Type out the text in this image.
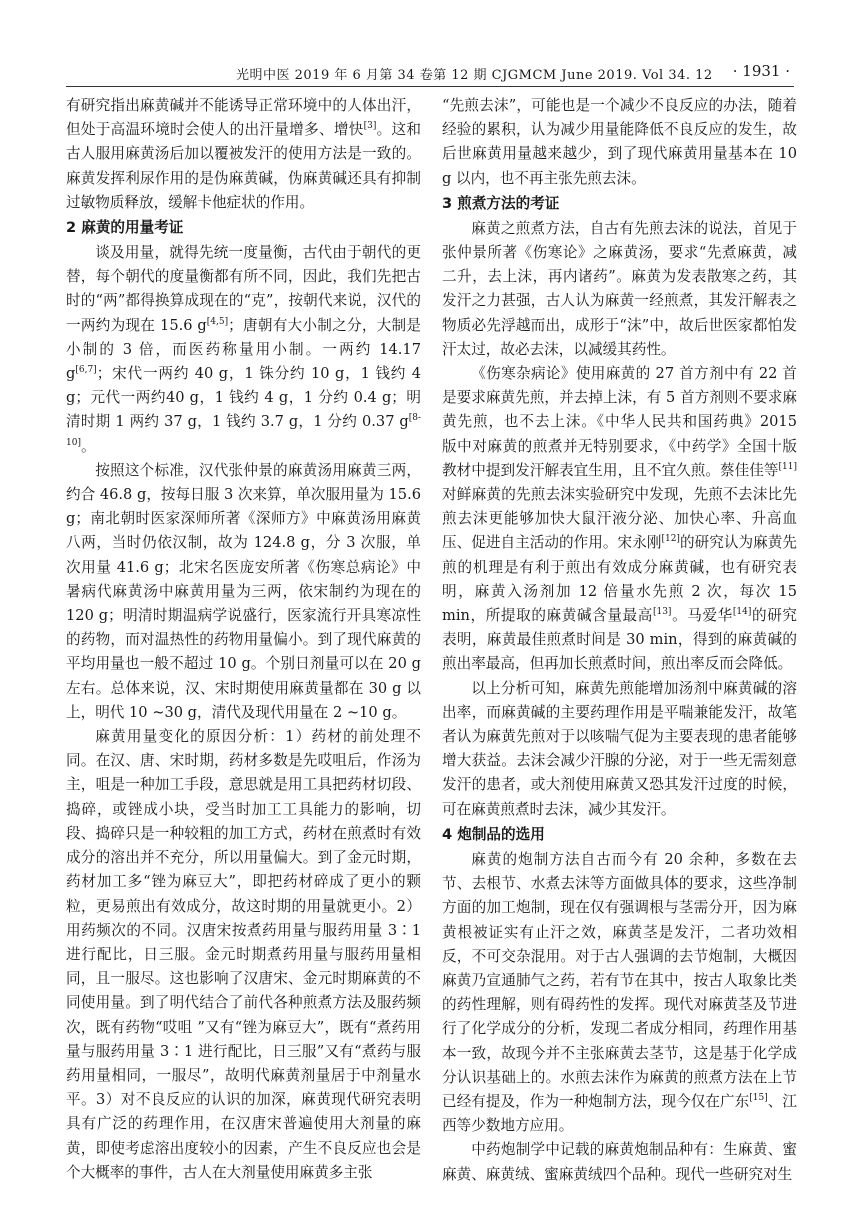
光明中医 2019 年 6 月第 34 卷第 12 期 CJGMCM June 2019. Vol 34. 12 · 1931 ·

有研究指出麻黄碱并不能诱导正常环境中的人体出汗，但处于高温环境时会使人的出汗量增多、增快[3]。这和古人服用麻黄汤后加以覆被发汗的使用方法是一致的。麻黄发挥利尿作用的是伪麻黄碱，伪麻黄碱还具有抑制过敏物质释放，缓解卡他症状的作用。

2 麻黄的用量考证

谈及用量，就得先统一度量衡，古代由于朝代的更替，每个朝代的度量衡都有所不同，因此，我们先把古时的“两”都得换算成现在的“克”，按朝代来说，汉代的一两约为现在 15.6 g[4,5]；唐朝有大小制之分，大制是小制的 3 倍，而医药称量用小制。一两约 14.17 g[6,7]；宋代一两约 40 g，1 铢分约 10 g，1 钱约 4 g；元代一两约40 g，1 钱约 4 g，1 分约 0.4 g；明清时期 1 两约 37 g，1 钱约 3.7 g，1 分约 0.37 g[8-10]。

按照这个标准，汉代张仲景的麻黄汤用麻黄三两，约合 46.8 g，按每日服 3 次来算，单次服用量为 15.6 g；南北朝时医家深师所著《深师方》中麻黄汤用麻黄八两，当时仍依汉制，故为 124.8 g，分 3 次服，单次用量 41.6 g；北宋名医庞安所著《伤寒总病论》中暑病代麻黄汤中麻黄用量为三两，依宋制约为现在的 120 g；明清时期温病学说盛行，医家流行开具寒凉性的药物，而对温热性的药物用量偏小。到了现代麻黄的平均用量也一般不超过 10 g。个别日剂量可以在 20 g 左右。总体来说，汉、宋时期使用麻黄量都在 30 g 以上，明代 10 ~30 g，清代及现代用量在 2 ~10 g。

麻黄用量变化的原因分析：1）药材的前处理不同。在汉、唐、宋时期，药材多数是先哎咀后，作汤为主，咀是一种加工手段，意思就是用工具把药材切段、捣碎，或锉成小块，受当时加工工具能力的影响，切段、捣碎只是一种较粗的加工方式，药材在煎煮时有效成分的溶出并不充分，所以用量偏大。到了金元时期，药材加工多“锉为麻豆大”，即把药材碎成了更小的颗粒，更易煎出有效成分，故这时期的用量就更小。2）用药频次的不同。汉唐宋按煮药用量与服药用量 3∶1 进行配比，日三服。金元时期煮药用量与服药用量相同，且一服尽。这也影响了汉唐宋、金元时期麻黄的不同使用量。到了明代结合了前代各种煎煮方法及服药频次，既有药物“哎咀 ”又有“锉为麻豆大”，既有“煮药用量与服药用量 3∶1 进行配比，日三服”又有“煮药与服药用量相同，一服尽”，故明代麻黄剂量居于中剂量水平。3）对不良反应的认识的加深，麻黄现代研究表明具有广泛的药理作用，在汉唐宋普遍使用大剂量的麻黄，即使考虑溶出度较小的因素，产生不良反应也会是个大概率的事件，古人在大剂量使用麻黄多主张

“先煎去沫”，可能也是一个减少不良反应的办法，随着经验的累积，认为减少用量能降低不良反应的发生，故后世麻黄用量越来越少，到了现代麻黄用量基本在 10 g 以内，也不再主张先煎去沫。

3 煎煮方法的考证

麻黄之煎煮方法，自古有先煎去沫的说法，首见于张仲景所著《伤寒论》之麻黄汤，要求“先煮麻黄，减二升，去上沫，再内诸药”。麻黄为发表散寒之药，其发汗之力甚强，古人认为麻黄一经煎煮，其发汗解表之物质必先浮越而出，成形于“沫”中，故后世医家都怕发汗太过，故必去沫，以减缓其药性。

《伤寒杂病论》使用麻黄的 27 首方剂中有 22 首是要求麻黄先煎，并去掉上沫，有 5 首方剂则不要求麻黄先煎，也不去上沫。《中华人民共和国药典》2015 版中对麻黄的煎煮并无特别要求，《中药学》全国十版教材中提到发汗解表宜生用，且不宜久煎。蔡佳佳等[11]对鲜麻黄的先煎去沫实验研究中发现，先煎不去沫比先煎去沫更能够加快大鼠汗液分泌、加快心率、升高血压、促进自主活动的作用。宋永刚[12]的研究认为麻黄先煎的机理是有利于煎出有效成分麻黄碱，也有研究表明，麻黄入汤剂加 12 倍量水先煎 2 次，每次 15 min，所提取的麻黄碱含量最高[13]。马爱华[14]的研究表明，麻黄最佳煎煮时间是 30 min，得到的麻黄碱的煎出率最高，但再加长煎煮时间，煎出率反而会降低。

以上分析可知，麻黄先煎能增加汤剂中麻黄碱的溶出率，而麻黄碱的主要药理作用是平喘兼能发汗，故笔者认为麻黄先煎对于以咳喘气促为主要表现的患者能够增大获益。去沫会减少汗腺的分泌，对于一些无需刻意发汗的患者，或大剂使用麻黄又恐其发汗过度的时候，可在麻黄煎煮时去沫，减少其发汗。

4 炮制品的选用

麻黄的炮制方法自古而今有 20 余种，多数在去节、去根节、水煮去沫等方面做具体的要求，这些净制方面的加工炮制，现在仅有强调根与茎需分开，因为麻黄根被证实有止汗之效，麻黄茎是发汗，二者功效相反，不可交杂混用。对于古人强调的去节炮制，大概因麻黄乃宣通肺气之药，若有节在其中，按古人取象比类的药性理解，则有碍药性的发挥。现代对麻黄茎及节进行了化学成分的分析，发现二者成分相同，药理作用基本一致，故现今并不主张麻黄去茎节，这是基于化学成分认识基础上的。水煎去沫作为麻黄的煎煮方法在上节已经有提及，作为一种炮制方法，现今仅在广东[15]、江西等少数地方应用。

中药炮制学中记载的麻黄炮制品种有：生麻黄、蜜麻黄、麻黄绒、蜜麻黄绒四个品种。现代一些研究对生
